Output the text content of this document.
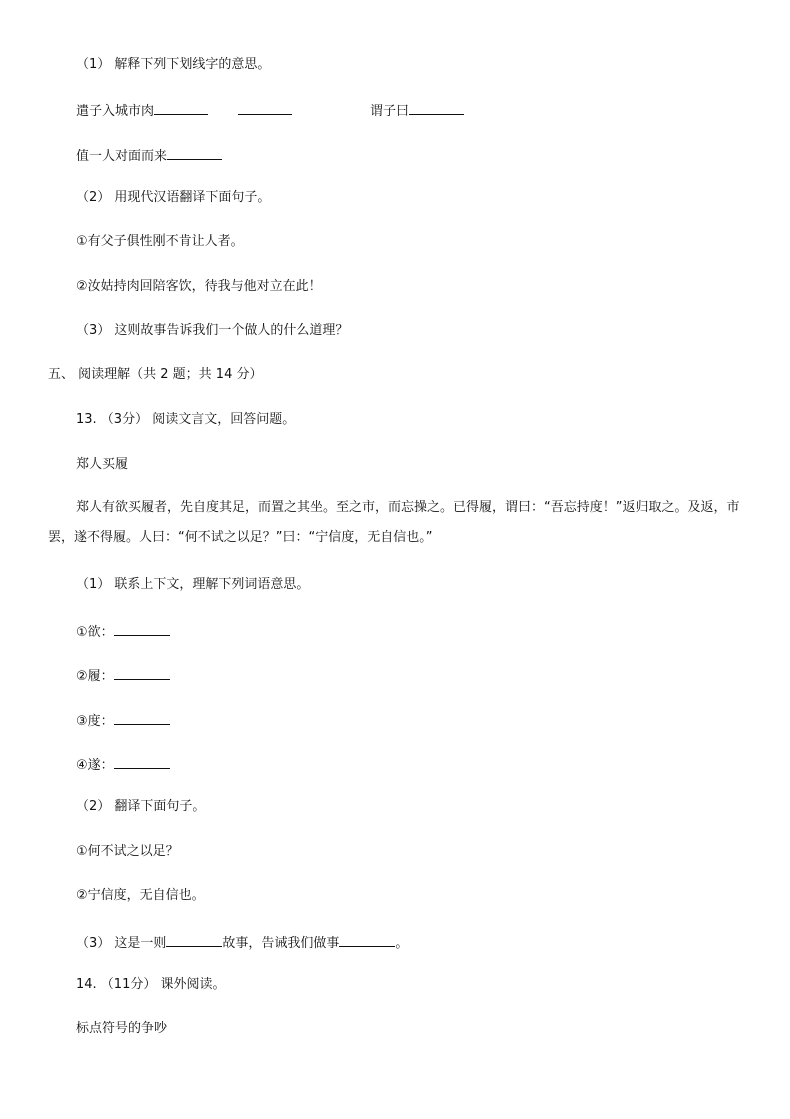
（1） 解释下列下划线字的意思。
遣子入城市肉	谓子曰
值一人对面而来
（2） 用现代汉语翻译下面句子。
①有父子俱性刚不肯让人者。
②汝姑持肉回陪客饮，待我与他对立在此！
（3） 这则故事告诉我们一个做人的什么道理？
五、 阅读理解（共 2 题；共 14 分）
13. （3分） 阅读文言文，回答问题。
郑人买履
郑人有欲买履者，先自度其足，而置之其坐。至之市，而忘操之。已得履，谓曰：“吾忘持度！”返归取之。及返，市罢，遂不得履。人曰：“何不试之以足？”曰：“宁信度，无自信也。”
（1） 联系上下文，理解下列词语意思。
①欲：
②履：
③度：
④遂：
（2） 翻译下面句子。
①何不试之以足？
②宁信度，无自信也。
（3） 这是一则	故事，告诫我们做事	。
14. （11分） 课外阅读。
标点符号的争吵
